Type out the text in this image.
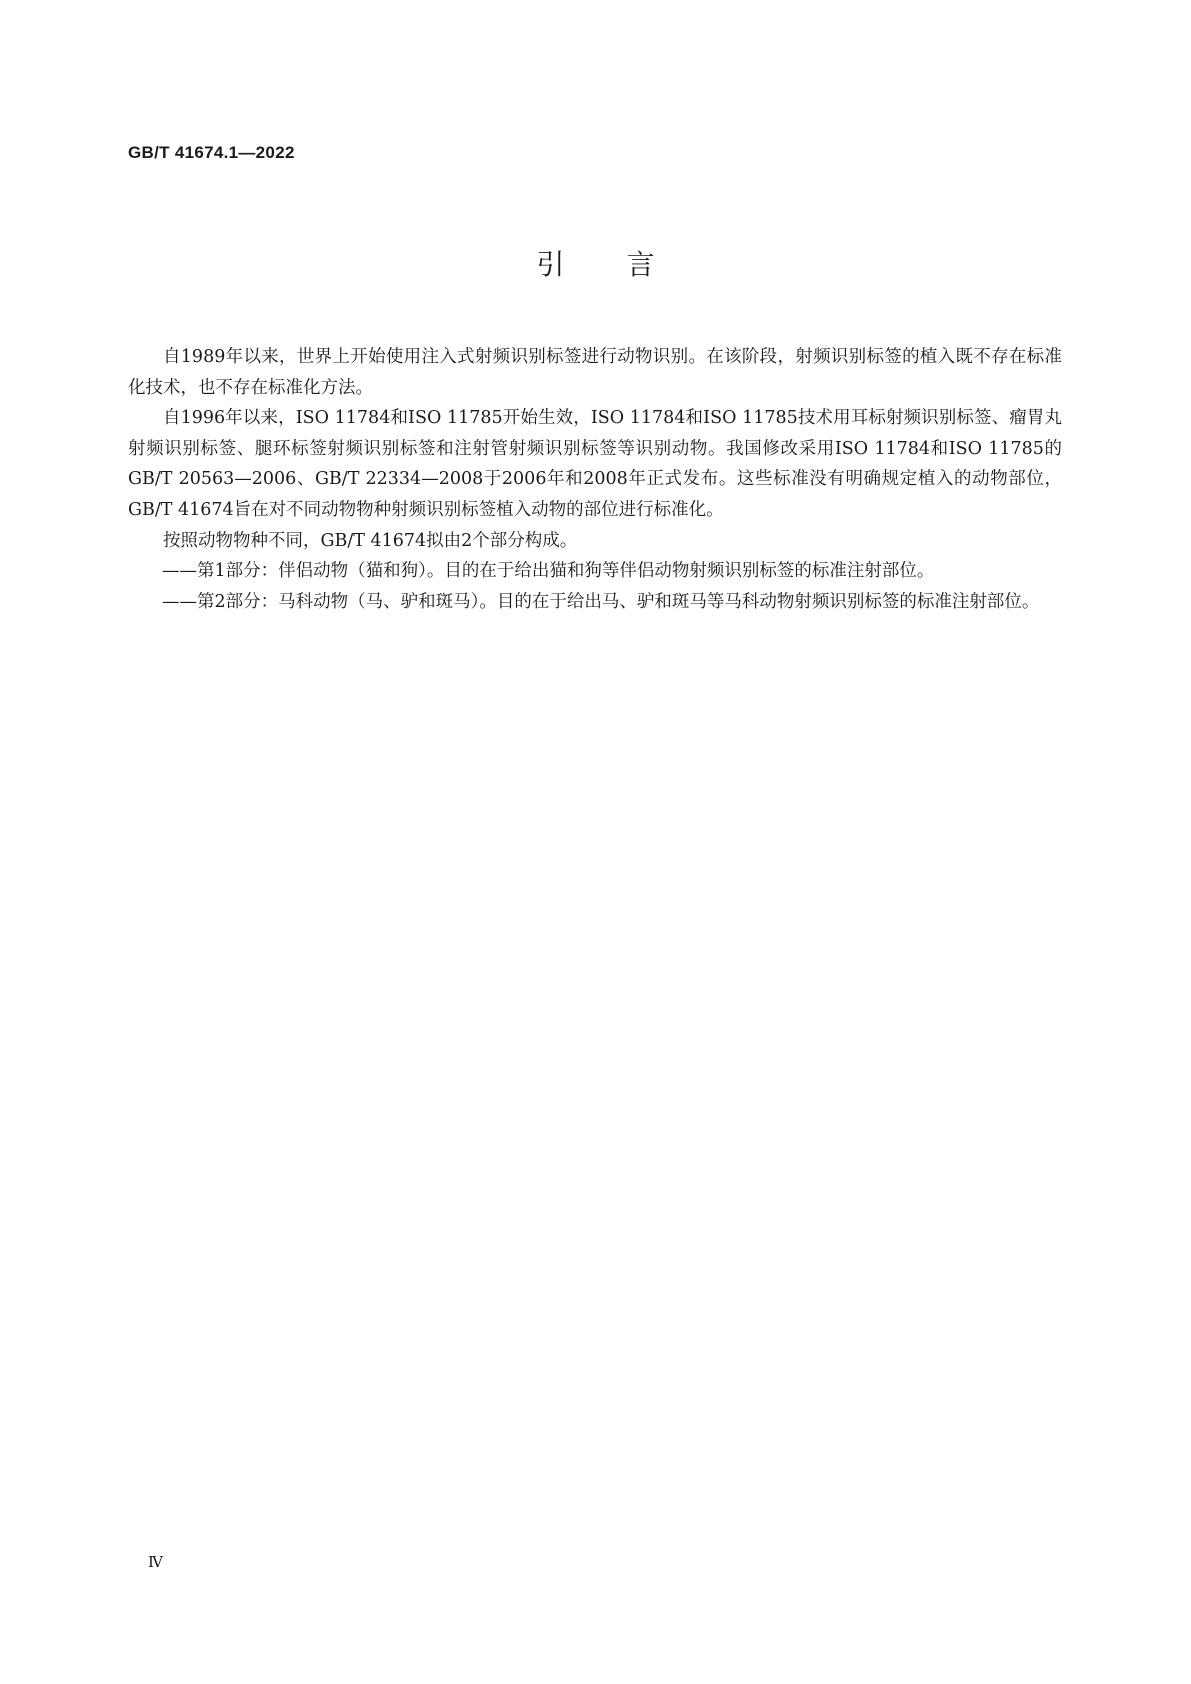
GB/T 41674.1—2022
引言

自1989年以来，世界上开始使用注入式射频识别标签进行动物识别。在该阶段，射频识别标签的植入既不存在标准化技术，也不存在标准化方法。

自1996年以来，ISO 11784和ISO 11785开始生效，ISO 11784和ISO 11785技术用耳标射频识别标签、瘤胃丸射频识别标签、腿环标签射频识别标签和注射管射频识别标签等识别动物。我国修改采用ISO 11784和ISO 11785的GB/T 20563—2006、GB/T 22334—2008于2006年和2008年正式发布。这些标准没有明确规定植入的动物部位，GB/T 41674旨在对不同动物物种射频识别标签植入动物的部位进行标准化。

按照动物物种不同，GB/T 41674拟由2个部分构成。

——第1部分：伴侣动物（猫和狗）。目的在于给出猫和狗等伴侣动物射频识别标签的标准注射部位。

——第2部分：马科动物（马、驴和斑马）。目的在于给出马、驴和斑马等马科动物射频识别标签的标准注射部位。

Ⅳ
